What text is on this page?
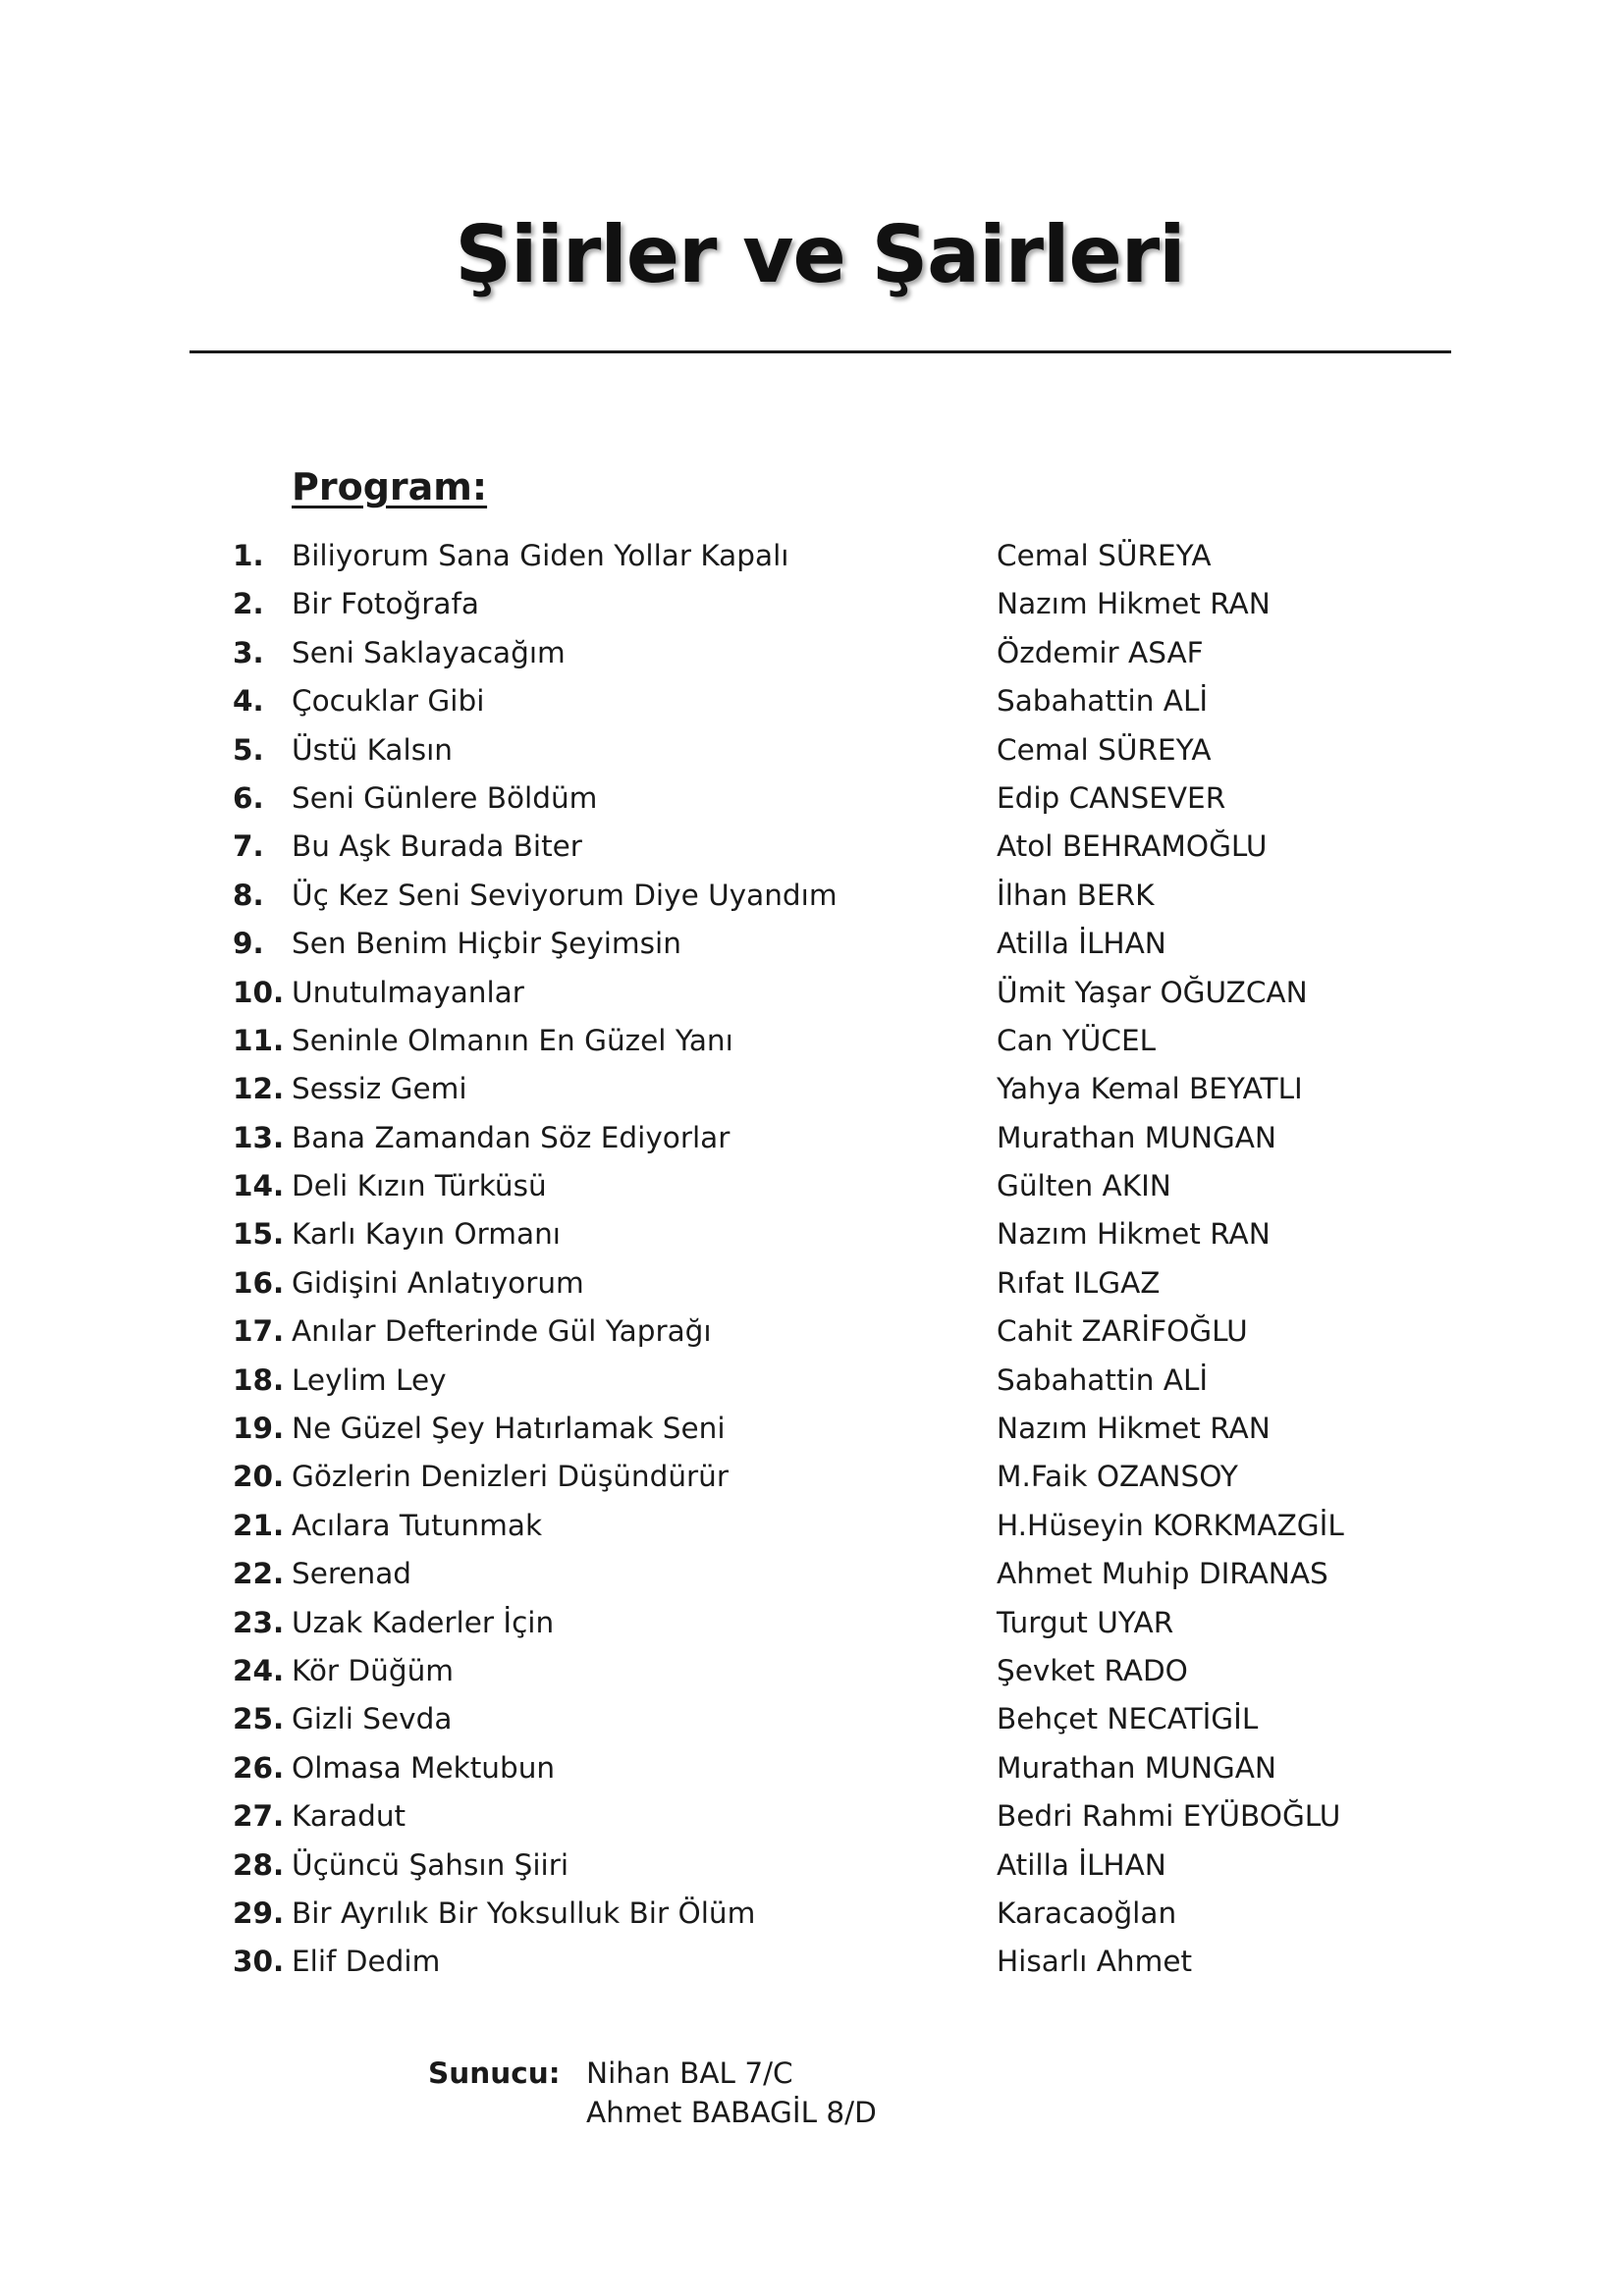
Şiirler ve Şairleri
Program:
1. Biliyorum Sana Giden Yollar Kapalı	Cemal SÜREYA
2. Bir Fotoğrafa	Nazım Hikmet RAN
3. Seni Saklayacağım	Özdemir ASAF
4. Çocuklar Gibi	Sabahattin ALİ
5. Üstü Kalsın	Cemal SÜREYA
6. Seni Günlere Böldüm	Edip CANSEVER
7. Bu Aşk Burada Biter	Atol BEHRAMOĞLU
8. Üç Kez Seni Seviyorum Diye Uyandım	İlhan BERK
9. Sen Benim Hiçbir Şeyimsin	Atilla İLHAN
10. Unutulmayanlar	Ümit Yaşar OĞUZCAN
11. Seninle Olmanın En Güzel Yanı	Can YÜCEL
12. Sessiz Gemi	Yahya Kemal BEYATLI
13. Bana Zamandan Söz Ediyorlar	Murathan MUNGAN
14. Deli Kızın Türküsü	Gülten AKIN
15. Karlı Kayın Ormanı	Nazım Hikmet RAN
16. Gidişini Anlatıyorum	Rıfat ILGAZ
17. Anılar Defterinde Gül Yaprağı	Cahit ZARİFOĞLU
18. Leylim Ley	Sabahattin ALİ
19. Ne Güzel Şey Hatırlamak Seni	Nazım Hikmet RAN
20. Gözlerin Denizleri Düşündürür	M.Faik OZANSOY
21. Acılara Tutunmak	H.Hüseyin KORKMAZGİL
22. Serenad	Ahmet Muhip DIRANAS
23. Uzak Kaderler İçin	Turgut UYAR
24. Kör Düğüm	Şevket RADO
25. Gizli Sevda	Behçet NECATİGİL
26. Olmasa Mektubun	Murathan MUNGAN
27. Karadut	Bedri Rahmi EYÜBOĞLU
28. Üçüncü Şahsın Şiiri	Atilla İLHAN
29. Bir Ayrılık Bir Yoksulluk Bir Ölüm	Karacaoğlan
30. Elif Dedim	Hisarlı Ahmet
Sunucu: Nihan BAL 7/C
Ahmet BABAGİL 8/D
